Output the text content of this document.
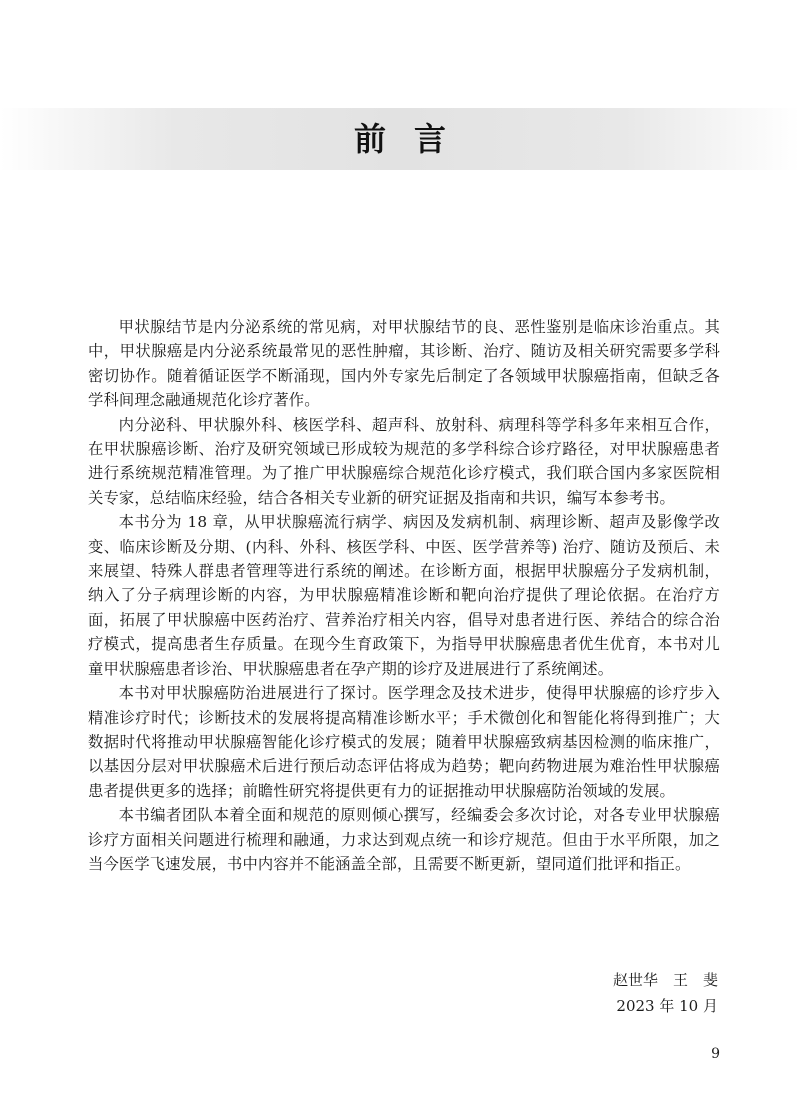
前言

甲状腺结节是内分泌系统的常见病，对甲状腺结节的良、恶性鉴别是临床诊治重点。其中，甲状腺癌是内分泌系统最常见的恶性肿瘤，其诊断、治疗、随访及相关研究需要多学科密切协作。随着循证医学不断涌现，国内外专家先后制定了各领域甲状腺癌指南，但缺乏各学科间理念融通规范化诊疗著作。

内分泌科、甲状腺外科、核医学科、超声科、放射科、病理科等学科多年来相互合作，在甲状腺癌诊断、治疗及研究领域已形成较为规范的多学科综合诊疗路径，对甲状腺癌患者进行系统规范精准管理。为了推广甲状腺癌综合规范化诊疗模式，我们联合国内多家医院相关专家，总结临床经验，结合各相关专业新的研究证据及指南和共识，编写本参考书。

本书分为 18 章，从甲状腺癌流行病学、病因及发病机制、病理诊断、超声及影像学改变、临床诊断及分期、(内科、外科、核医学科、中医、医学营养等) 治疗、随访及预后、未来展望、特殊人群患者管理等进行系统的阐述。在诊断方面，根据甲状腺癌分子发病机制，纳入了分子病理诊断的内容，为甲状腺癌精准诊断和靶向治疗提供了理论依据。在治疗方面，拓展了甲状腺癌中医药治疗、营养治疗相关内容，倡导对患者进行医、养结合的综合治疗模式，提高患者生存质量。在现今生育政策下，为指导甲状腺癌患者优生优育，本书对儿童甲状腺癌患者诊治、甲状腺癌患者在孕产期的诊疗及进展进行了系统阐述。

本书对甲状腺癌防治进展进行了探讨。医学理念及技术进步，使得甲状腺癌的诊疗步入精准诊疗时代；诊断技术的发展将提高精准诊断水平；手术微创化和智能化将得到推广；大数据时代将推动甲状腺癌智能化诊疗模式的发展；随着甲状腺癌致病基因检测的临床推广，以基因分层对甲状腺癌术后进行预后动态评估将成为趋势；靶向药物进展为难治性甲状腺癌患者提供更多的选择；前瞻性研究将提供更有力的证据推动甲状腺癌防治领域的发展。

本书编者团队本着全面和规范的原则倾心撰写，经编委会多次讨论，对各专业甲状腺癌诊疗方面相关问题进行梳理和融通，力求达到观点统一和诊疗规范。但由于水平所限，加之当今医学飞速发展，书中内容并不能涵盖全部，且需要不断更新，望同道们批评和指正。

赵世华　王　斐
2023 年 10 月
9
